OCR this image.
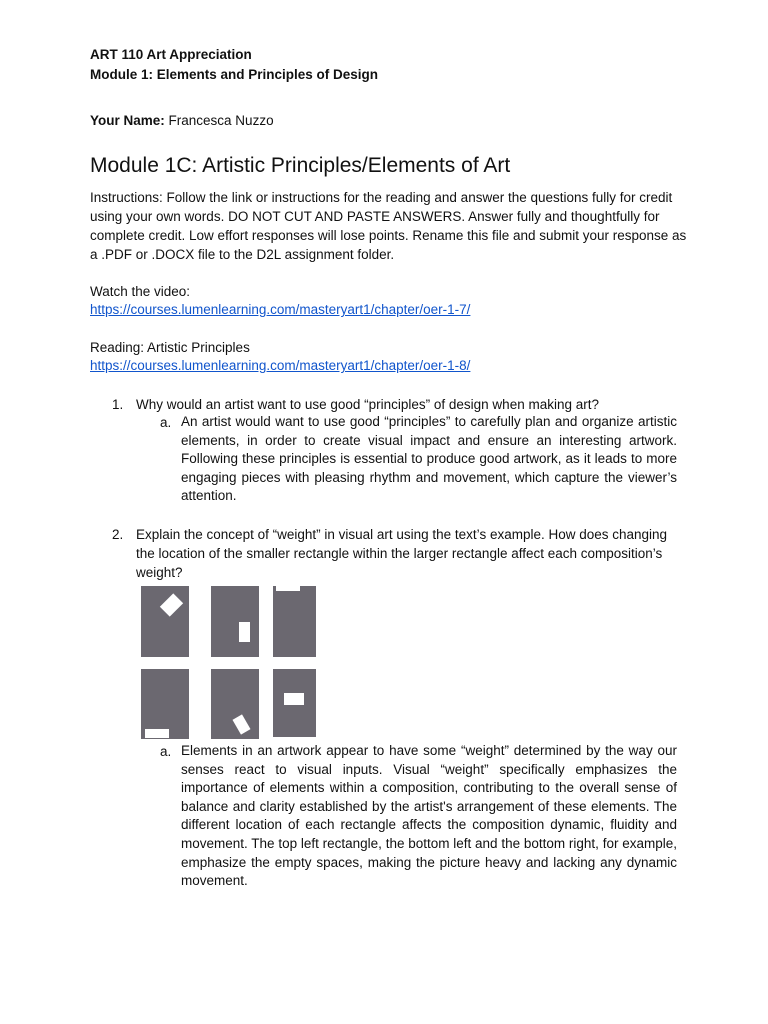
ART 110 Art Appreciation
Module 1: Elements and Principles of Design
Your Name: Francesca Nuzzo
Module 1C: Artistic Principles/Elements of Art

Instructions: Follow the link or instructions for the reading and answer the questions fully for credit using your own words. DO NOT CUT AND PASTE ANSWERS. Answer fully and thoughtfully for complete credit. Low effort responses will lose points. Rename this file and submit your response as a .PDF or .DOCX file to the D2L assignment folder.

Watch the video:

https://courses.lumenlearning.com/masteryart1/chapter/oer-1-7/

Reading: Artistic Principles

https://courses.lumenlearning.com/masteryart1/chapter/oer-1-8/
1. Why would an artist want to use good “principles” of design when making art?

a. An artist would want to use good “principles” to carefully plan and organize artistic elements, in order to create visual impact and ensure an interesting artwork. Following these principles is essential to produce good artwork, as it leads to more engaging pieces with pleasing rhythm and movement, which capture the viewer’s attention.

2. Explain the concept of “weight” in visual art using the text’s example. How does changing the location of the smaller rectangle within the larger rectangle affect each composition’s weight?

a. Elements in an artwork appear to have some “weight” determined by the way our senses react to visual inputs. Visual “weight” specifically emphasizes the importance of elements within a composition, contributing to the overall sense of balance and clarity established by the artist's arrangement of these elements. The different location of each rectangle affects the composition dynamic, fluidity and movement. The top left rectangle, the bottom left and the bottom right, for example, emphasize the empty spaces, making the picture heavy and lacking any dynamic movement.
